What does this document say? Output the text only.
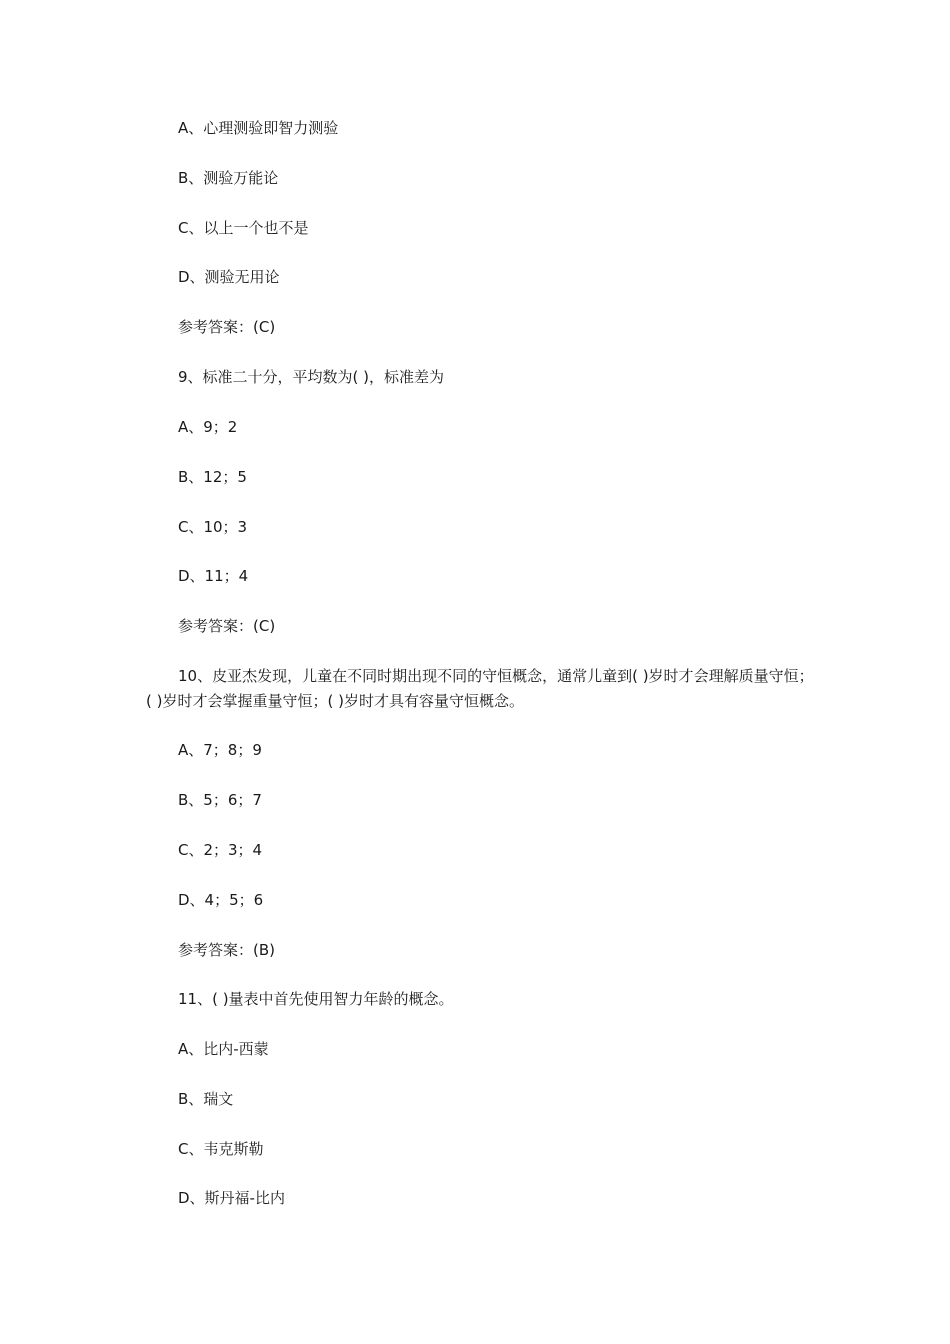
A、心理测验即智力测验
B、测验万能论
C、以上一个也不是
D、测验无用论
参考答案：(C)
9、标准二十分，平均数为( )，标准差为
A、9；2
B、12；5
C、10；3
D、11；4
参考答案：(C)
10、皮亚杰发现，儿童在不同时期出现不同的守恒概念，通常儿童到( )岁时才会理解质量守恒；( )岁时才会掌握重量守恒；( )岁时才具有容量守恒概念。
A、7；8；9
B、5；6；7
C、2；3；4
D、4；5；6
参考答案：(B)
11、( )量表中首先使用智力年龄的概念。
A、比内-西蒙
B、瑞文
C、韦克斯勒
D、斯丹福-比内
